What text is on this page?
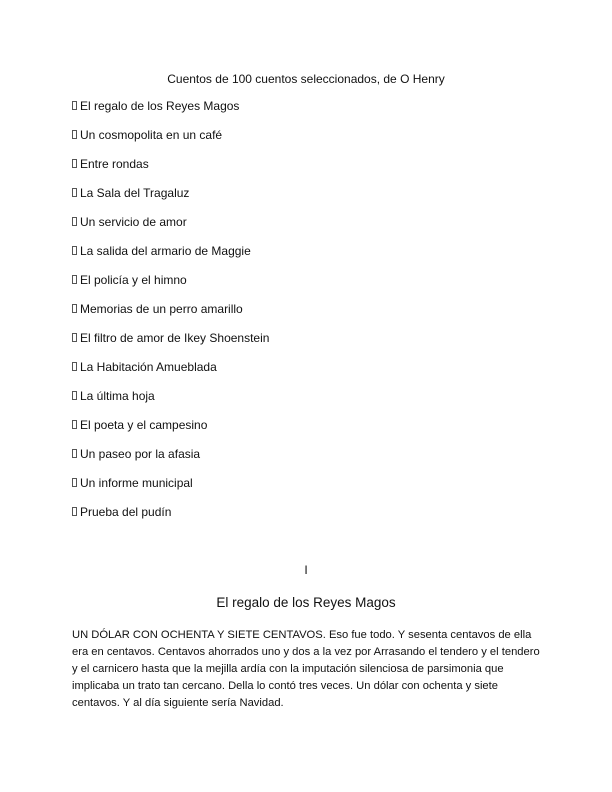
Cuentos de 100 cuentos seleccionados, de O Henry
El regalo de los Reyes Magos
Un cosmopolita en un café
Entre rondas
La Sala del Tragaluz
Un servicio de amor
La salida del armario de Maggie
El policía y el himno
Memorias de un perro amarillo
El filtro de amor de Ikey Shoenstein
La Habitación Amueblada
La última hoja
El poeta y el campesino
Un paseo por la afasia
Un informe municipal
Prueba del pudín
I
El regalo de los Reyes Magos

UN DÓLAR CON OCHENTA Y SIETE CENTAVOS. Eso fue todo. Y sesenta centavos de ella era en centavos. Centavos ahorrados uno y dos a la vez por Arrasando el tendero y el tendero y el carnicero hasta que la mejilla ardía con la imputación silenciosa de parsimonia que implicaba un trato tan cercano. Della lo contó tres veces. Un dólar con ochenta y siete centavos. Y al día siguiente sería Navidad.
